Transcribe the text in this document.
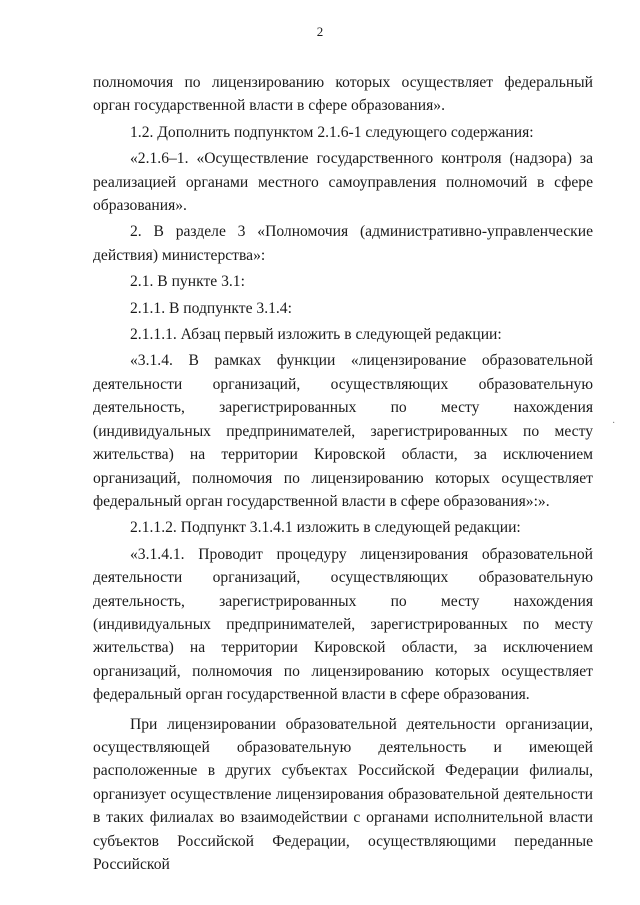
2

полномочия по лицензированию которых осуществляет федеральный орган государственной власти в сфере образования».

1.2. Дополнить подпунктом 2.1.6-1 следующего содержания:

«2.1.6–1. «Осуществление государственного контроля (надзора) за реализацией органами местного самоуправления полномочий в сфере образования».

2. В разделе 3 «Полномочия (административно-управленческие действия) министерства»:

2.1. В пункте 3.1:

2.1.1. В подпункте 3.1.4:

2.1.1.1. Абзац первый изложить в следующей редакции:

«3.1.4. В рамках функции «лицензирование образовательной деятельности организаций, осуществляющих образовательную деятельность, зарегистрированных по месту нахождения (индивидуальных предпринимателей, зарегистрированных по месту жительства) на территории Кировской области, за исключением организаций, полномочия по лицензированию которых осуществляет федеральный орган государственной власти в сфере образования»:».

2.1.1.2. Подпункт 3.1.4.1 изложить в следующей редакции:

«3.1.4.1. Проводит процедуру лицензирования образовательной деятельности организаций, осуществляющих образовательную деятельность, зарегистрированных по месту нахождения (индивидуальных предпринимателей, зарегистрированных по месту жительства) на территории Кировской области, за исключением организаций, полномочия по лицензированию которых осуществляет федеральный орган государственной власти в сфере образования.

При лицензировании образовательной деятельности организации, осуществляющей образовательную деятельность и имеющей расположенные в других субъектах Российской Федерации филиалы, организует осуществление лицензирования образовательной деятельности в таких филиалах во взаимодействии с органами исполнительной власти субъектов Российской Федерации, осуществляющими переданные Российской

·
